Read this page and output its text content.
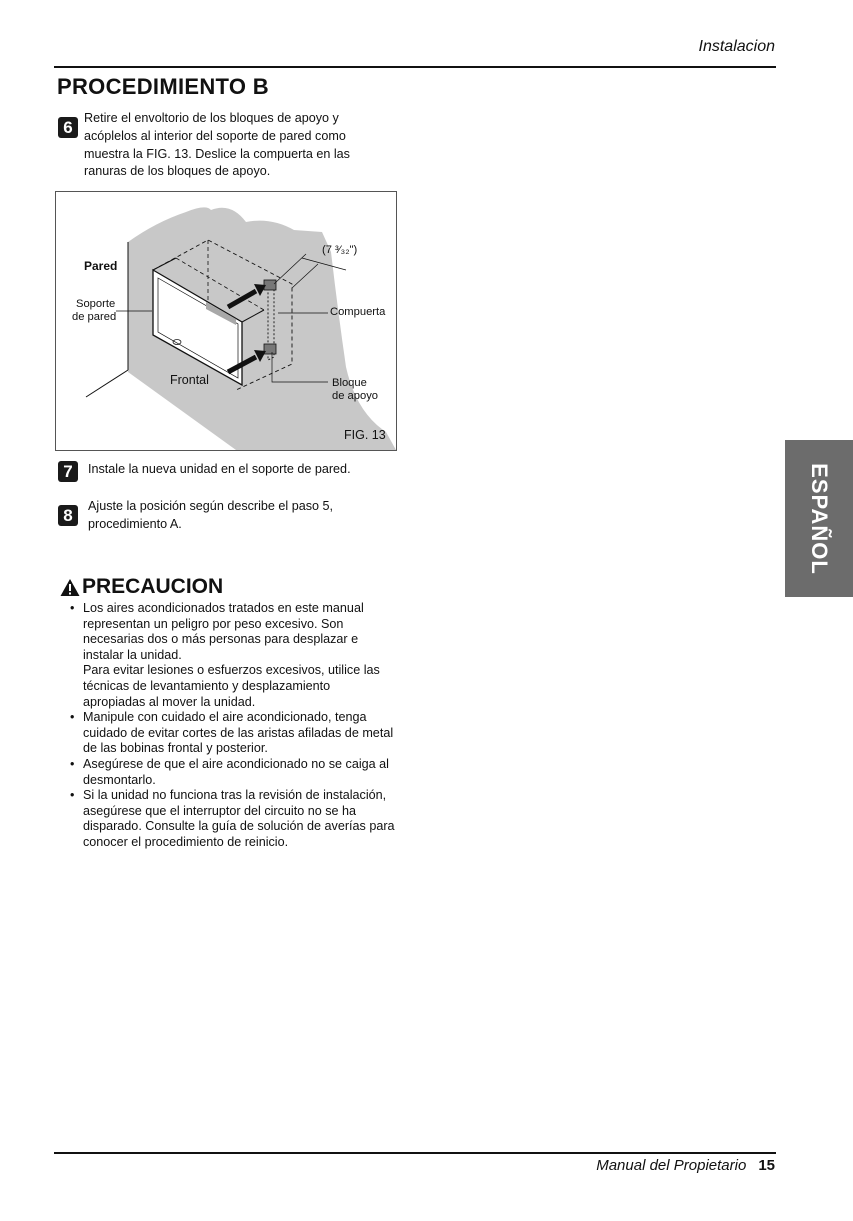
Instalacion
PROCEDIMIENTO B
6 Retire el envoltorio de los bloques de apoyo y acóplelos al interior del soporte de pared como muestra la FIG. 13. Deslice la compuerta en las ranuras de los bloques de apoyo.
Pared
Soporte
de pared
Frontal
Compuerta
Bloque
de apoyo
(7 ³⁄₃₂")
FIG. 13
7	Instale la nueva unidad en el soporte de pared.
8	Ajuste la posición según describe el paso 5, procedimiento A.
PRECAUCION
• Los aires acondicionados tratados en este manual representan un peligro por peso excesivo. Son necesarias dos o más personas para desplazar e instalar la unidad.
Para evitar lesiones o esfuerzos excesivos, utilice las técnicas de levantamiento y desplazamiento apropiadas al mover la unidad.
• Manipule con cuidado el aire acondicionado, tenga cuidado de evitar cortes de las aristas afiladas de metal de las bobinas frontal y posterior.
• Asegúrese de que el aire acondicionado no se caiga al desmontarlo.
• Si la unidad no funciona tras la revisión de instalación, asegúrese que el interruptor del circuito no se ha disparado. Consulte la guía de solución de averías para conocer el procedimiento de reinicio.
ESPAÑOL
Manual del Propietario 15
